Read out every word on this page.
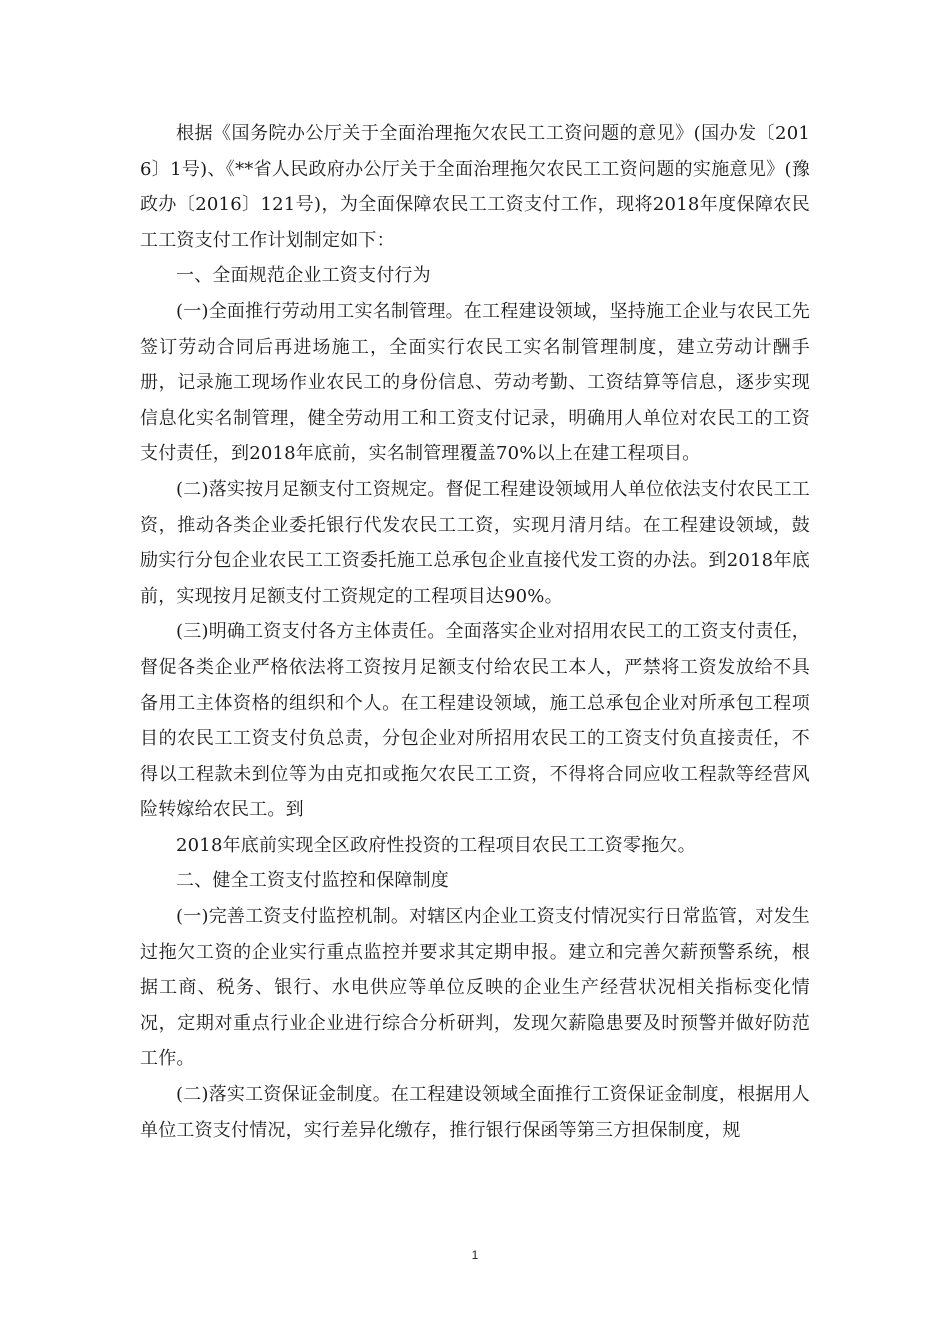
根据《国务院办公厅关于全面治理拖欠农民工工资问题的意见》(国办发〔2016〕1号)、《**省人民政府办公厅关于全面治理拖欠农民工工资问题的实施意见》(豫政办〔2016〕121号)，为全面保障农民工工资支付工作，现将2018年度保障农民工工资支付工作计划制定如下：

一、全面规范企业工资支付行为

(一)全面推行劳动用工实名制管理。在工程建设领域，坚持施工企业与农民工先签订劳动合同后再进场施工，全面实行农民工实名制管理制度，建立劳动计酬手册，记录施工现场作业农民工的身份信息、劳动考勤、工资结算等信息，逐步实现信息化实名制管理，健全劳动用工和工资支付记录，明确用人单位对农民工的工资支付责任，到2018年底前，实名制管理覆盖70%以上在建工程项目。

(二)落实按月足额支付工资规定。督促工程建设领域用人单位依法支付农民工工资，推动各类企业委托银行代发农民工工资，实现月清月结。在工程建设领域，鼓励实行分包企业农民工工资委托施工总承包企业直接代发工资的办法。到2018年底前，实现按月足额支付工资规定的工程项目达90%。

(三)明确工资支付各方主体责任。全面落实企业对招用农民工的工资支付责任，督促各类企业严格依法将工资按月足额支付给农民工本人，严禁将工资发放给不具备用工主体资格的组织和个人。在工程建设领域，施工总承包企业对所承包工程项目的农民工工资支付负总责，分包企业对所招用农民工的工资支付负直接责任，不得以工程款未到位等为由克扣或拖欠农民工工资，不得将合同应收工程款等经营风险转嫁给农民工。到

2018年底前实现全区政府性投资的工程项目农民工工资零拖欠。

二、健全工资支付监控和保障制度

(一)完善工资支付监控机制。对辖区内企业工资支付情况实行日常监管，对发生过拖欠工资的企业实行重点监控并要求其定期申报。建立和完善欠薪预警系统，根据工商、税务、银行、水电供应等单位反映的企业生产经营状况相关指标变化情况，定期对重点行业企业进行综合分析研判，发现欠薪隐患要及时预警并做好防范工作。

(二)落实工资保证金制度。在工程建设领域全面推行工资保证金制度，根据用人单位工资支付情况，实行差异化缴存，推行银行保函等第三方担保制度，规

1
